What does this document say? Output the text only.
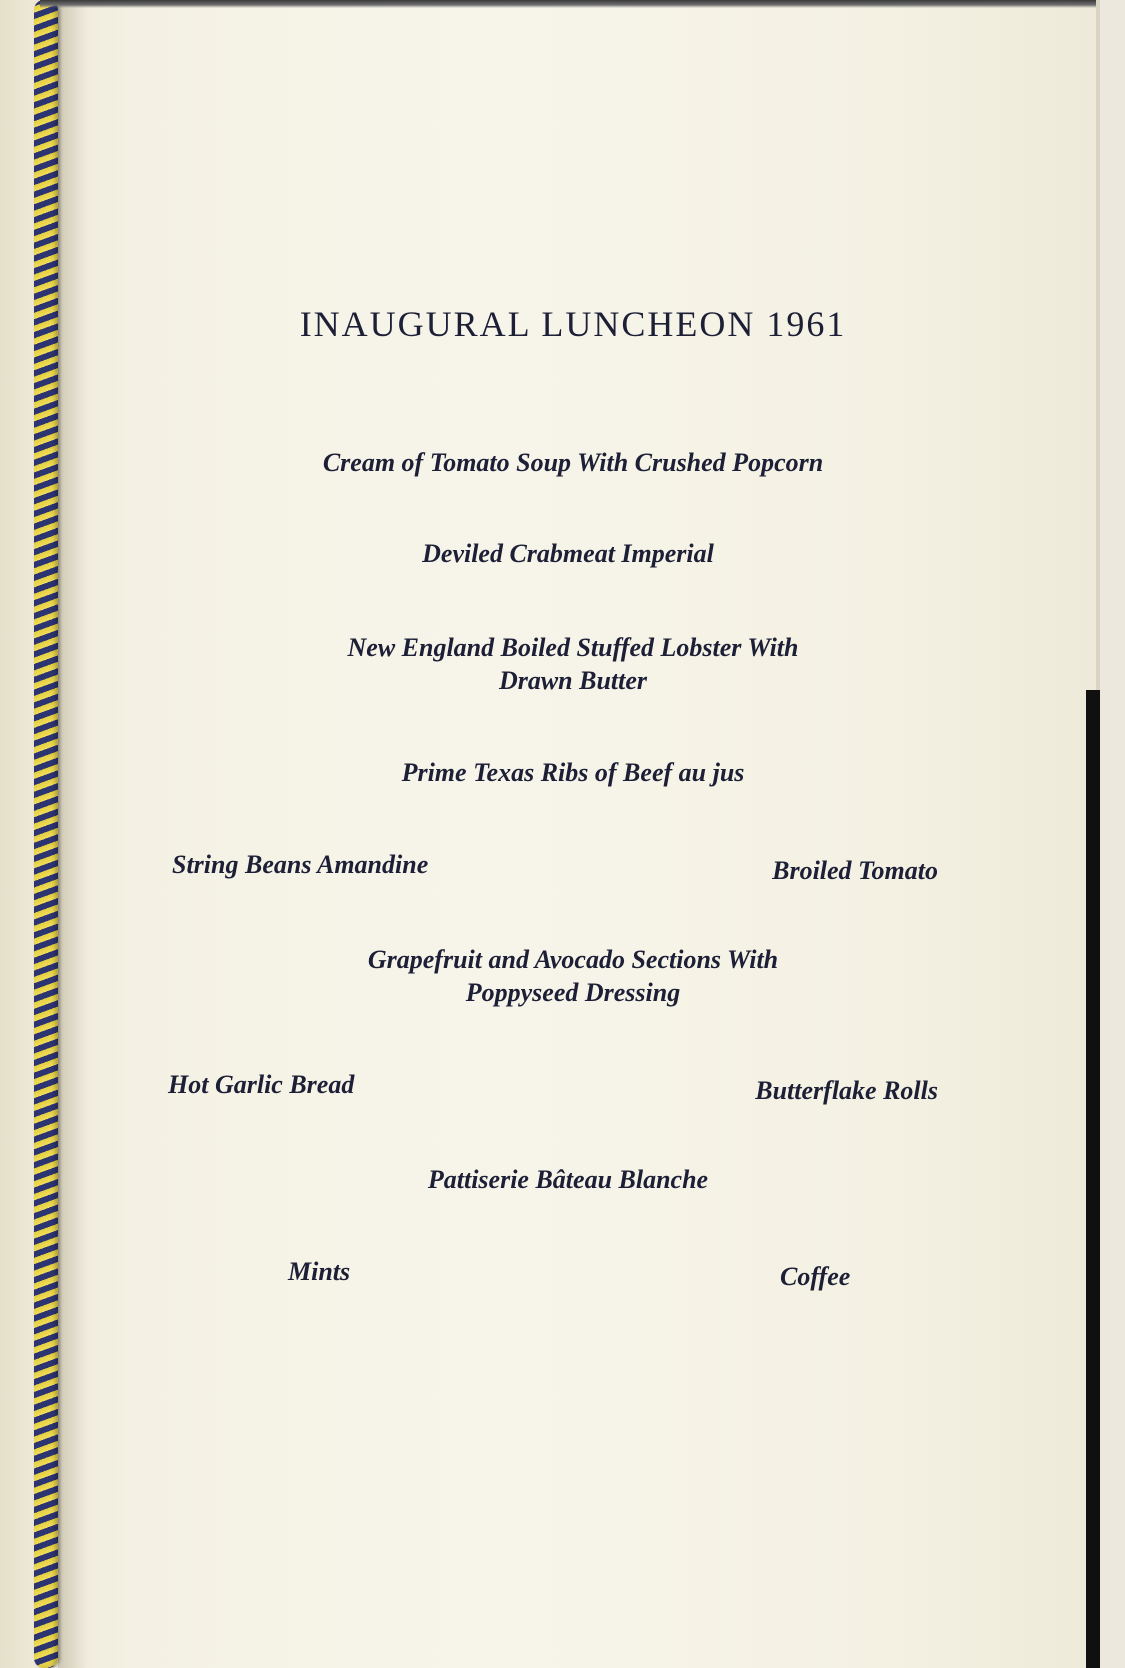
INAUGURAL LUNCHEON 1961
Cream of Tomato Soup With Crushed Popcorn
Deviled Crabmeat Imperial
New England Boiled Stuffed Lobster With
Drawn Butter
Prime Texas Ribs of Beef au jus
String Beans Amandine	Broiled Tomato
Grapefruit and Avocado Sections With
Poppyseed Dressing
Hot Garlic Bread	Butterflake Rolls
Pattiserie Bâteau Blanche
Mints	Coffee
